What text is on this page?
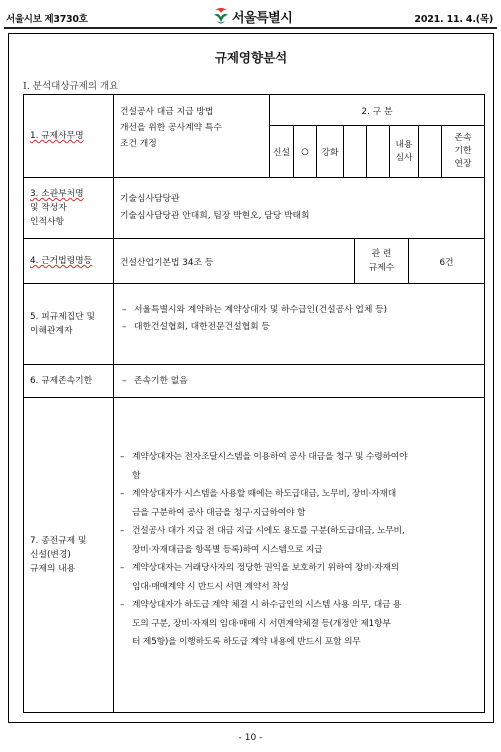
서울시보 제3730호	서울특별시	2021. 11. 4.(목)
규제영향분석
Ⅰ. 분석대상규제의 개요
1. 규제사무명
건설공사 대금 지급 방법
개선을 위한 공사계약 특수
조건 개정
2. 구 분
신설	○	강화
내용
심사
존속
기한
연장
3. 소관부처명
및 작성자
인적사항
기술심사담당관
기술심사담당관 안대희, 팀장 박현오, 담당 박태희
4. 근거법령명등	건설산업기본법 34조 등
관 련
규제수
6건
5. 피규제집단 및
이해관계자
– 서울특별시와 계약하는 계약상대자 및 하수급인(건설공사 업체 등)
– 대한건설협회, 대한전문건설협회 등
6. 규제존속기한
–	존속기한 없음
7. 종전규제 및
신설(변경)
규제의 내용
– 계약상대자는 전자조달시스템을 이용하여 공사 대금을 청구 및 수령하여야
함
– 계약상대자가 시스템을 사용할 때에는 하도급대금, 노무비, 장비·자재대
금을 구분하여 공사 대금을 청구·지급하여야 함
– 건설공사 대가 지급 전 대금 지급 시에도 용도를 구분(하도급대금, 노무비,
장비·자재대금을 항목별 등록)하여 시스템으로 지급
– 계약상대자는 거래당사자의 정당한 권익을 보호하기 위하여 장비·자재의
임대·매매계약 시 반드시 서면 계약서 작성
– 계약상대자가 하도급 계약 체결 시 하수급인의 시스템 사용 의무, 대금 용
도의 구분, 장비·자재의 임대·매매 시 서면계약체결 등(개정안 제1항부
터 제5항)을 이행하도록 하도급 계약 내용에 반드시 포함 의무
- 10 -
